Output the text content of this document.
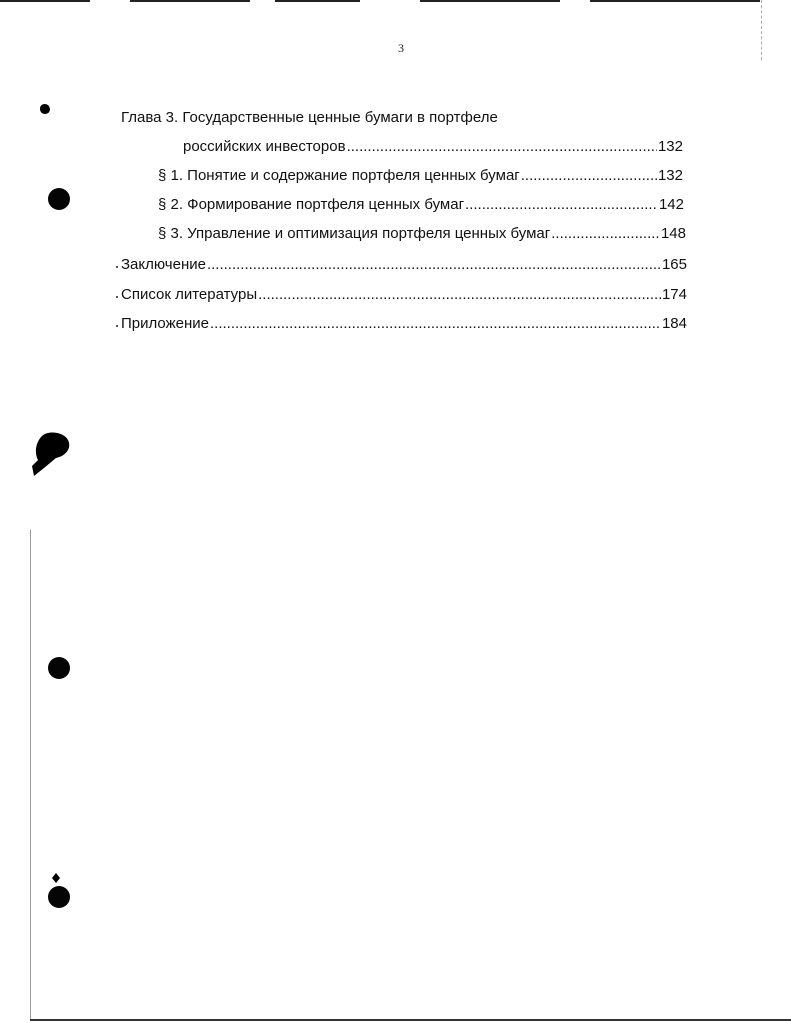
3
Глава 3. Государственные ценные бумаги в портфеле
российских инвесторов .....	132
§ 1. Понятие и содержание портфеля ценных бумаг .....	132
§ 2. Формирование портфеля ценных бумаг .....	142
§ 3. Управление и оптимизация портфеля ценных бумаг .....	148
Заключение .....	165
Список литературы .....	174
Приложение .....	184
